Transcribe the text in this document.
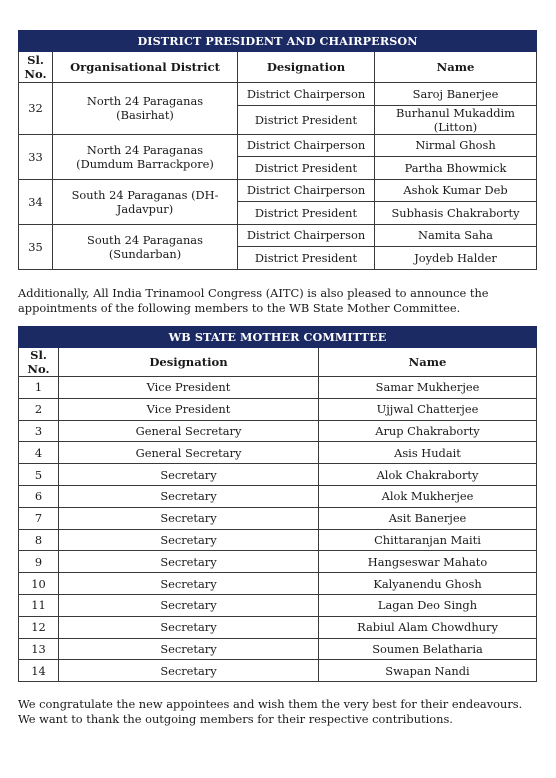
DISTRICT PRESIDENT AND CHAIRPERSON			
Sl. No.	Organisational District	Designation	Name
32	North 24 Paraganas (Basirhat)	District Chairperson	Saroj Banerjee
		District President	Burhanul Mukaddim (Litton)
33	North 24 Paraganas (Dumdum Barrackpore)	District Chairperson	Nirmal Ghosh
		District President	Partha Bhowmick
34	South 24 Paraganas (DH-Jadavpur)	District Chairperson	Ashok Kumar Deb
		District President	Subhasis Chakraborty
35	South 24 Paraganas (Sundarban)	District Chairperson	Namita Saha
		District President	Joydeb Halder

Additionally, All India Trinamool Congress (AITC) is also pleased to announce the appointments of the following members to the WB State Mother Committee.

WB STATE MOTHER COMMITTEE		
Sl. No.	Designation	Name
1	Vice President	Samar Mukherjee
2	Vice President	Ujjwal Chatterjee
3	General Secretary	Arup Chakraborty
4	General Secretary	Asis Hudait
5	Secretary	Alok Chakraborty
6	Secretary	Alok Mukherjee
7	Secretary	Asit Banerjee
8	Secretary	Chittaranjan Maiti
9	Secretary	Hangseswar Mahato
10	Secretary	Kalyanendu Ghosh
11	Secretary	Lagan Deo Singh
12	Secretary	Rabiul Alam Chowdhury
13	Secretary	Soumen Belatharia
14	Secretary	Swapan Nandi

We congratulate the new appointees and wish them the very best for their endeavours. We want to thank the outgoing members for their respective contributions.
